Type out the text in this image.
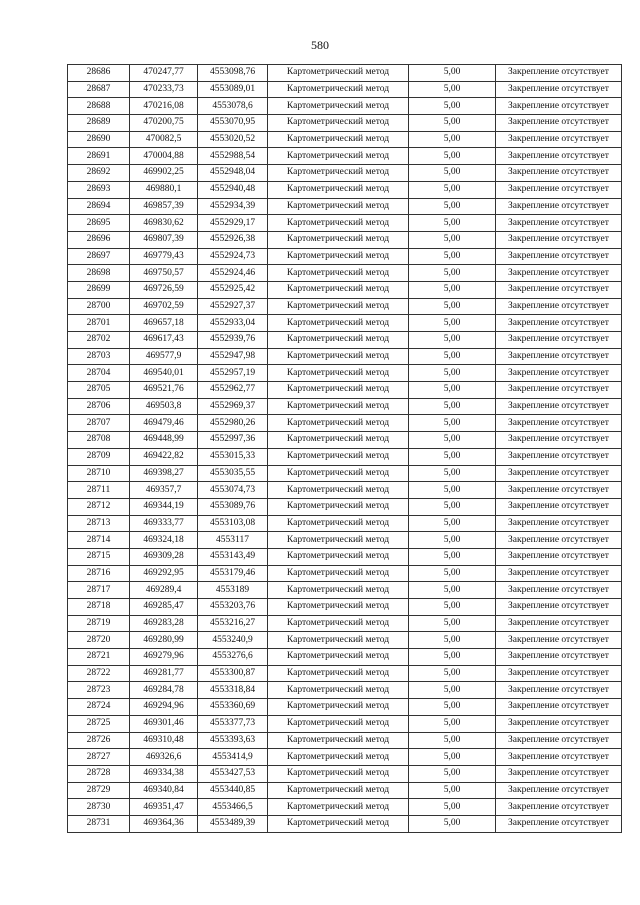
580
28686	470247,77	4553098,76	Картометрический метод	5,00	Закрепление отсутствует
28687	470233,73	4553089,01	Картометрический метод	5,00	Закрепление отсутствует
28688	470216,08	4553078,6	Картометрический метод	5,00	Закрепление отсутствует
28689	470200,75	4553070,95	Картометрический метод	5,00	Закрепление отсутствует
28690	470082,5	4553020,52	Картометрический метод	5,00	Закрепление отсутствует
28691	470004,88	4552988,54	Картометрический метод	5,00	Закрепление отсутствует
28692	469902,25	4552948,04	Картометрический метод	5,00	Закрепление отсутствует
28693	469880,1	4552940,48	Картометрический метод	5,00	Закрепление отсутствует
28694	469857,39	4552934,39	Картометрический метод	5,00	Закрепление отсутствует
28695	469830,62	4552929,17	Картометрический метод	5,00	Закрепление отсутствует
28696	469807,39	4552926,38	Картометрический метод	5,00	Закрепление отсутствует
28697	469779,43	4552924,73	Картометрический метод	5,00	Закрепление отсутствует
28698	469750,57	4552924,46	Картометрический метод	5,00	Закрепление отсутствует
28699	469726,59	4552925,42	Картометрический метод	5,00	Закрепление отсутствует
28700	469702,59	4552927,37	Картометрический метод	5,00	Закрепление отсутствует
28701	469657,18	4552933,04	Картометрический метод	5,00	Закрепление отсутствует
28702	469617,43	4552939,76	Картометрический метод	5,00	Закрепление отсутствует
28703	469577,9	4552947,98	Картометрический метод	5,00	Закрепление отсутствует
28704	469540,01	4552957,19	Картометрический метод	5,00	Закрепление отсутствует
28705	469521,76	4552962,77	Картометрический метод	5,00	Закрепление отсутствует
28706	469503,8	4552969,37	Картометрический метод	5,00	Закрепление отсутствует
28707	469479,46	4552980,26	Картометрический метод	5,00	Закрепление отсутствует
28708	469448,99	4552997,36	Картометрический метод	5,00	Закрепление отсутствует
28709	469422,82	4553015,33	Картометрический метод	5,00	Закрепление отсутствует
28710	469398,27	4553035,55	Картометрический метод	5,00	Закрепление отсутствует
28711	469357,7	4553074,73	Картометрический метод	5,00	Закрепление отсутствует
28712	469344,19	4553089,76	Картометрический метод	5,00	Закрепление отсутствует
28713	469333,77	4553103,08	Картометрический метод	5,00	Закрепление отсутствует
28714	469324,18	4553117	Картометрический метод	5,00	Закрепление отсутствует
28715	469309,28	4553143,49	Картометрический метод	5,00	Закрепление отсутствует
28716	469292,95	4553179,46	Картометрический метод	5,00	Закрепление отсутствует
28717	469289,4	4553189	Картометрический метод	5,00	Закрепление отсутствует
28718	469285,47	4553203,76	Картометрический метод	5,00	Закрепление отсутствует
28719	469283,28	4553216,27	Картометрический метод	5,00	Закрепление отсутствует
28720	469280,99	4553240,9	Картометрический метод	5,00	Закрепление отсутствует
28721	469279,96	4553276,6	Картометрический метод	5,00	Закрепление отсутствует
28722	469281,77	4553300,87	Картометрический метод	5,00	Закрепление отсутствует
28723	469284,78	4553318,84	Картометрический метод	5,00	Закрепление отсутствует
28724	469294,96	4553360,69	Картометрический метод	5,00	Закрепление отсутствует
28725	469301,46	4553377,73	Картометрический метод	5,00	Закрепление отсутствует
28726	469310,48	4553393,63	Картометрический метод	5,00	Закрепление отсутствует
28727	469326,6	4553414,9	Картометрический метод	5,00	Закрепление отсутствует
28728	469334,38	4553427,53	Картометрический метод	5,00	Закрепление отсутствует
28729	469340,84	4553440,85	Картометрический метод	5,00	Закрепление отсутствует
28730	469351,47	4553466,5	Картометрический метод	5,00	Закрепление отсутствует
28731	469364,36	4553489,39	Картометрический метод	5,00	Закрепление отсутствует
